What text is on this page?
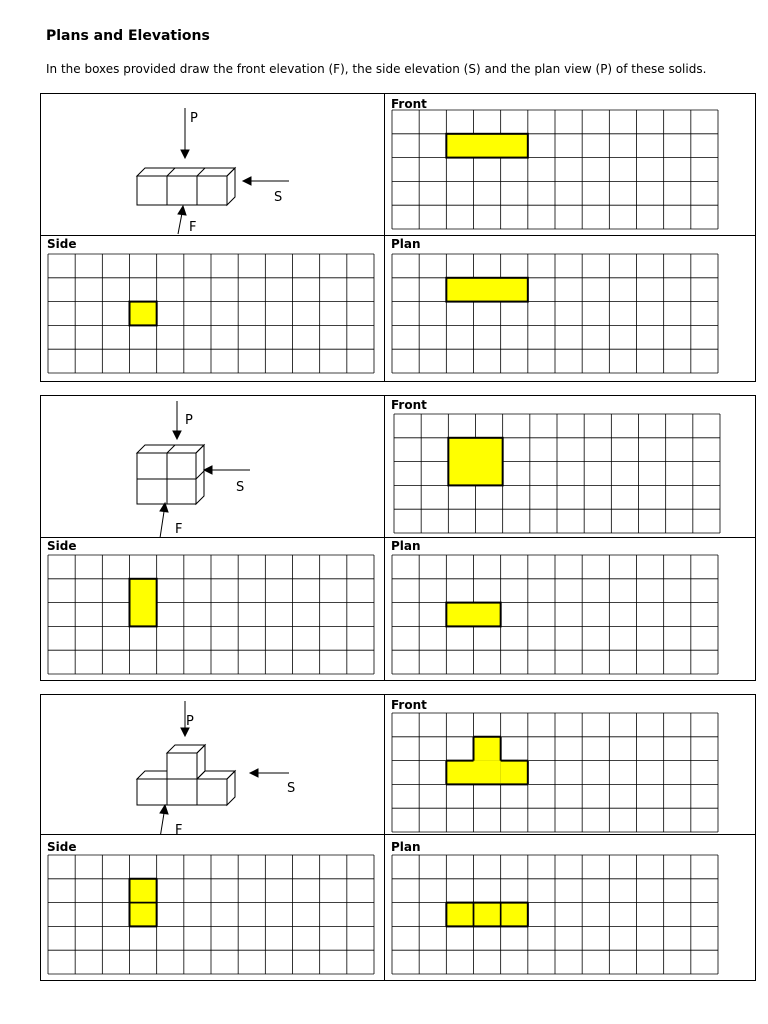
Plans and Elevations

In the boxes provided draw the front elevation (F), the side elevation (S) and the plan view (P) of these solids.

P
S
F
Front
Side	Plan
P
S
F
Front
Side	Plan
P
S
F
Front
Side	Plan
